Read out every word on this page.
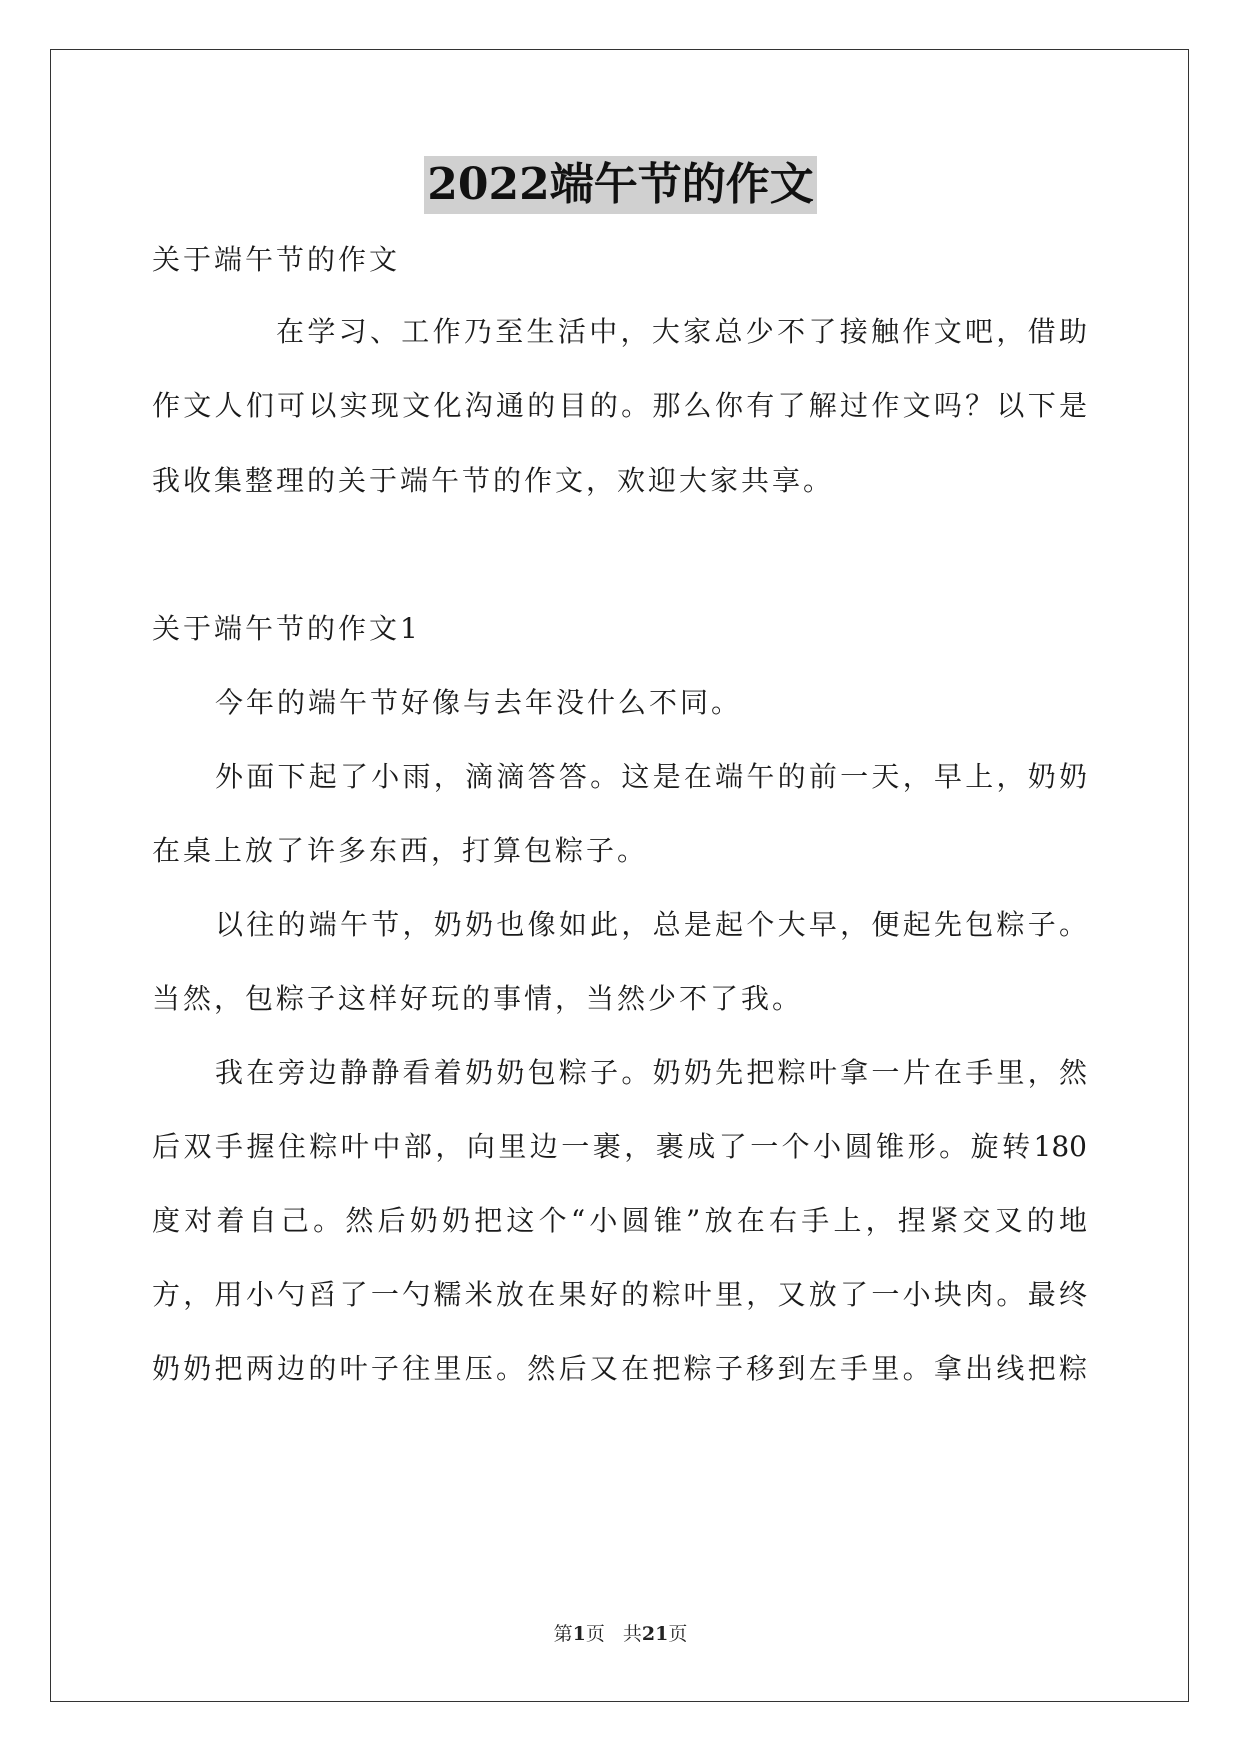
2022端午节的作文

关于端午节的作文

在学习、工作乃至生活中，大家总少不了接触作文吧，借助

作文人们可以实现文化沟通的目的。那么你有了解过作文吗？以下是

我收集整理的关于端午节的作文，欢迎大家共享。

关于端午节的作文1

今年的端午节好像与去年没什么不同。

外面下起了小雨，滴滴答答。这是在端午的前一天，早上，奶奶

在桌上放了许多东西，打算包粽子。

以往的端午节，奶奶也像如此，总是起个大早，便起先包粽子。

当然，包粽子这样好玩的事情，当然少不了我。

我在旁边静静看着奶奶包粽子。奶奶先把粽叶拿一片在手里，然

后双手握住粽叶中部，向里边一裹，裹成了一个小圆锥形。旋转180

度对着自己。然后奶奶把这个“小圆锥”放在右手上，捏紧交叉的地

方，用小勺舀了一勺糯米放在果好的粽叶里，又放了一小块肉。最终

奶奶把两边的叶子往里压。然后又在把粽子移到左手里。拿出线把粽

第1页 共21页
